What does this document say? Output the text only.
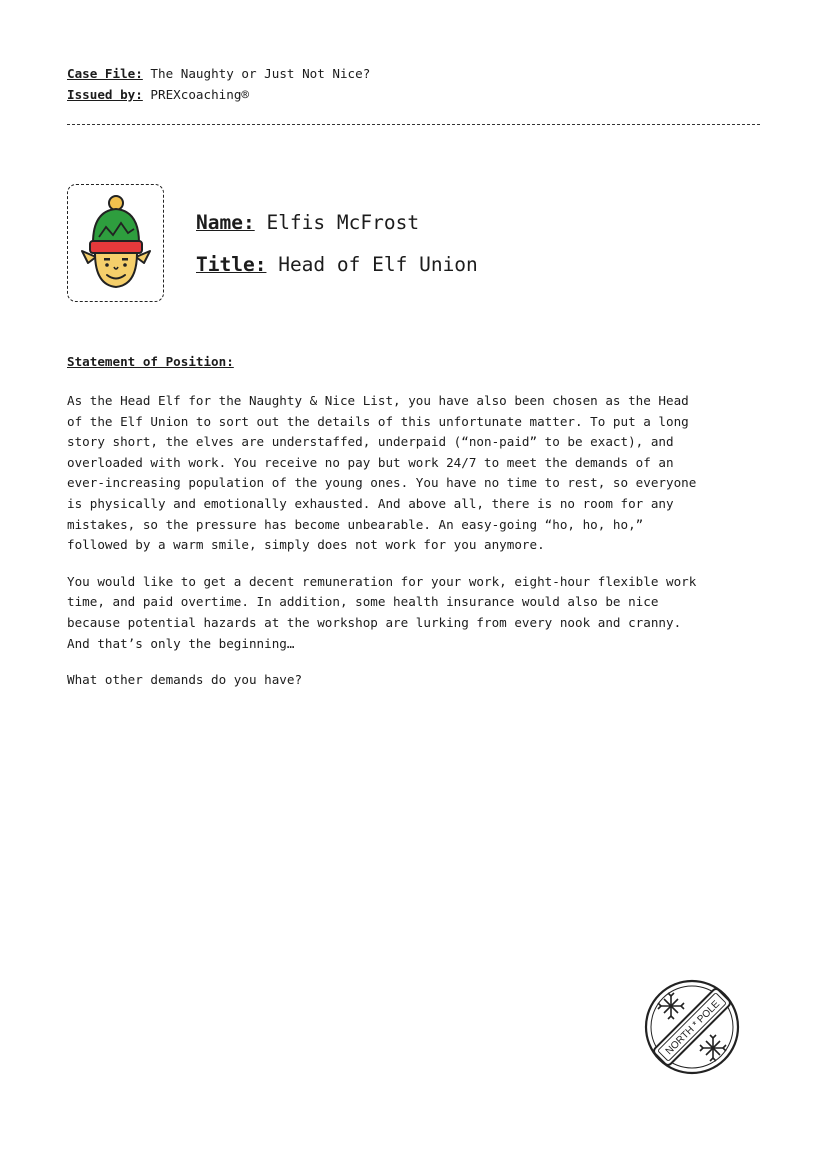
Case File: The Naughty or Just Not Nice?
Issued by: PREXcoaching®
Name: Elfis McFrost
Title: Head of Elf Union
Statement of Position:

As the Head Elf for the Naughty & Nice List, you have also been chosen as the Head
of the Elf Union to sort out the details of this unfortunate matter. To put a long
story short, the elves are understaffed, underpaid (“non-paid” to be exact), and
overloaded with work. You receive no pay but work 24/7 to meet the demands of an
ever-increasing population of the young ones. You have no time to rest, so everyone
is physically and emotionally exhausted. And above all, there is no room for any
mistakes, so the pressure has become unbearable. An easy-going “ho, ho, ho,”
followed by a warm smile, simply does not work for you anymore.

You would like to get a decent remuneration for your work, eight-hour flexible work
time, and paid overtime. In addition, some health insurance would also be nice
because potential hazards at the workshop are lurking from every nook and cranny.
And that’s only the beginning…

What other demands do you have?

NORTH * POLE
